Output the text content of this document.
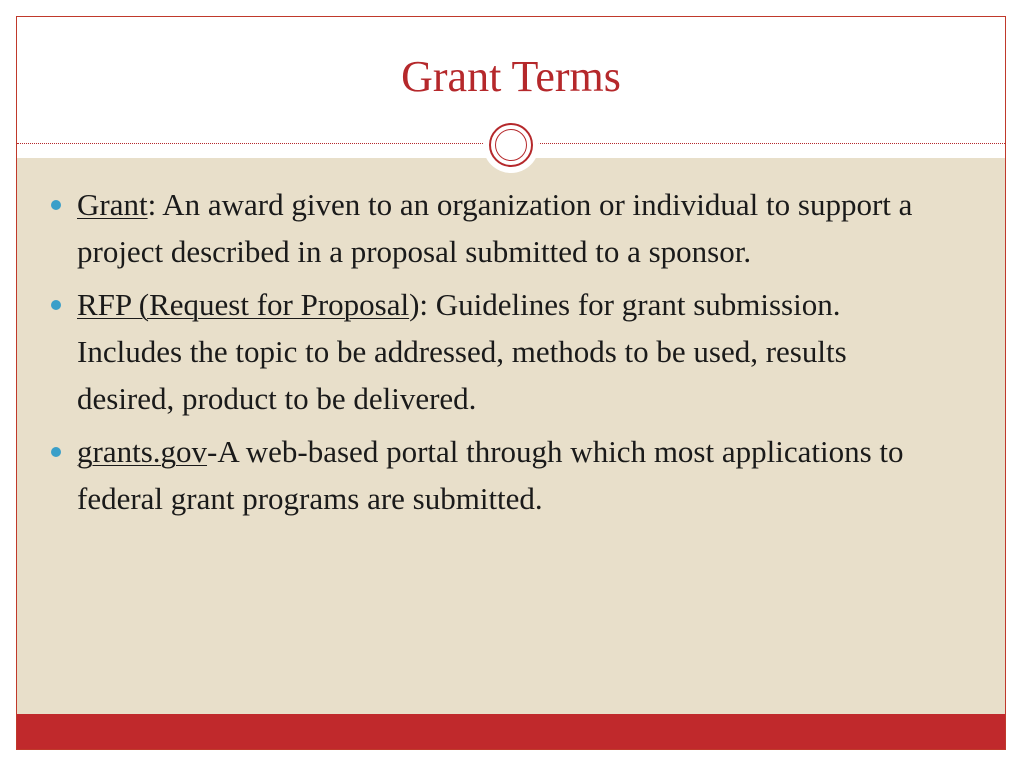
Grant Terms
Grant: An award given to an organization or individual to support a project described in a proposal submitted to a sponsor.
RFP (Request for Proposal): Guidelines for grant submission. Includes the topic to be addressed, methods to be used, results desired, product to be delivered.
grants.gov-A web-based portal through which most applications to federal grant programs are submitted.
